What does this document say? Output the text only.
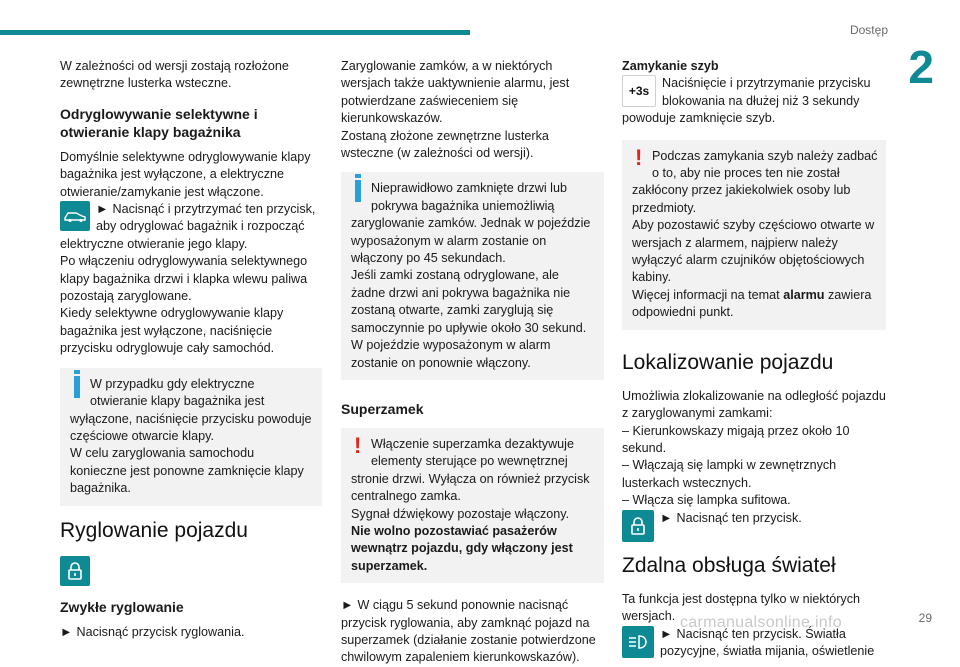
Dostęp
2
29
carmanualsonline.info

W zależności od wersji zostają rozłożone zewnętrzne lusterka wsteczne.

Odryglowywanie selektywne i otwieranie klapy bagażnika

Domyślnie selektywne odryglowywanie klapy bagażnika jest wyłączone, a elektryczne otwieranie/zamykanie jest włączone.

► Nacisnąć i przytrzymać ten przycisk, aby odryglować bagażnik i rozpocząć elektryczne otwieranie jego klapy.

Po włączeniu odryglowywania selektywnego klapy bagażnika drzwi i klapka wlewu paliwa pozostają zaryglowane.

Kiedy selektywne odryglowywanie klapy bagażnika jest wyłączone, naciśnięcie przycisku odryglowuje cały samochód.

W przypadku gdy elektryczne otwieranie klapy bagażnika jest wyłączone, naciśnięcie przycisku powoduje częściowe otwarcie klapy.

W celu zaryglowania samochodu konieczne jest ponowne zamknięcie klapy bagażnika.

Ryglowanie pojazdu
Zwykłe ryglowanie

► Nacisnąć przycisk ryglowania.

Zaryglowanie zamków, a w niektórych wersjach także uaktywnienie alarmu, jest potwierdzane zaświeceniem się kierunkowskazów.

Zostaną złożone zewnętrzne lusterka wsteczne (w zależności od wersji).

Nieprawidłowo zamknięte drzwi lub pokrywa bagażnika uniemożliwią zaryglowanie zamków. Jednak w pojeździe wyposażonym w alarm zostanie on włączony po 45 sekundach.

Jeśli zamki zostaną odryglowane, ale żadne drzwi ani pokrywa bagażnika nie zostaną otwarte, zamki zaryglują się samoczynnie po upływie około 30 sekund. W pojeździe wyposażonym w alarm zostanie on ponownie włączony.

Superzamek
! Włączenie superzamka dezaktywuje elementy sterujące po wewnętrznej stronie drzwi. Wyłącza on również przycisk centralnego zamka.

Sygnał dźwiękowy pozostaje włączony.

Nie wolno pozostawiać pasażerów wewnątrz pojazdu, gdy włączony jest superzamek.

► W ciągu 5 sekund ponownie nacisnąć przycisk ryglowania, aby zamknąć pojazd na superzamek (działanie zostanie potwierdzone chwilowym zapaleniem kierunkowskazów).

Zamykanie szyb
+3s
Naciśnięcie i przytrzymanie przycisku blokowania na dłużej niż 3 sekundy powoduje zamknięcie szyb.
! Podczas zamykania szyb należy zadbać o to, aby nie proces ten nie został zakłócony przez jakiekolwiek osoby lub przedmioty.

Aby pozostawić szyby częściowo otwarte w wersjach z alarmem, najpierw należy wyłączyć alarm czujników objętościowych kabiny.

Więcej informacji na temat alarmu zawiera odpowiedni punkt.

Lokalizowanie pojazdu

Umożliwia zlokalizowanie na odległość pojazdu z zaryglowanymi zamkami:

– Kierunkowskazy migają przez około 10 sekund.

– Włączają się lampki w zewnętrznych lusterkach wstecznych.

– Włącza się lampka sufitowa.

► Nacisnąć ten przycisk.
Zdalna obsługa świateł

Ta funkcja jest dostępna tylko w niektórych wersjach.

► Nacisnąć ten przycisk. Światła pozycyjne, światła mijania, oświetlenie
